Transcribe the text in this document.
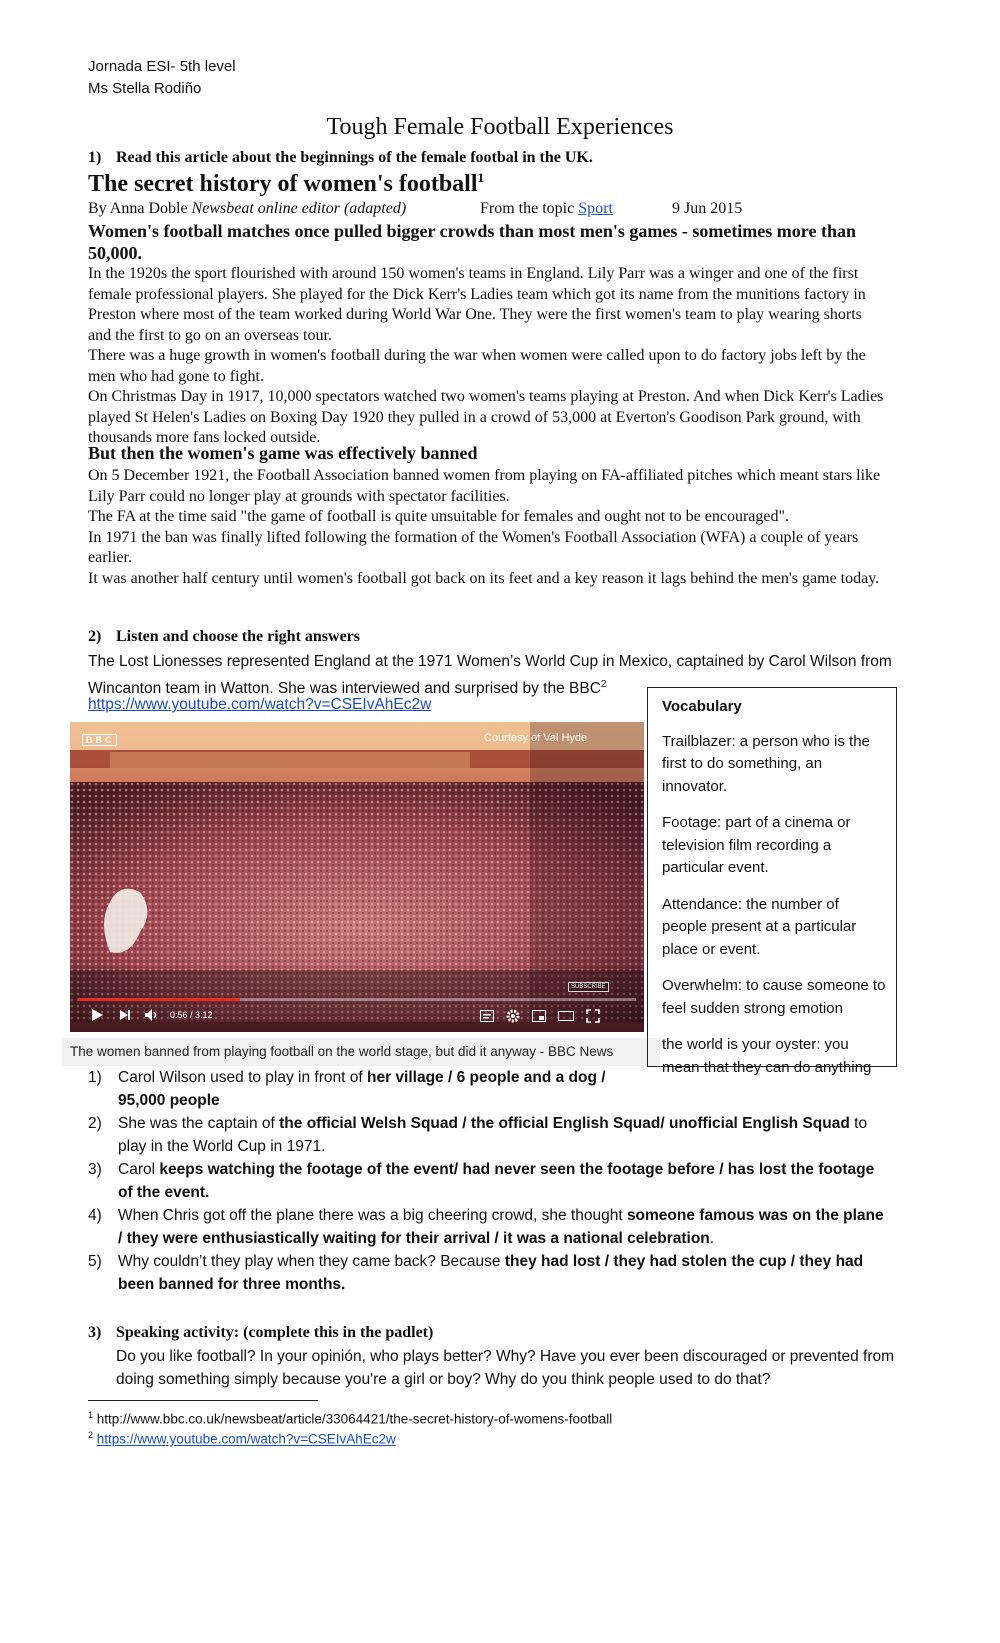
Jornada ESI- 5th level
Ms Stella Rodiño
Tough Female Football Experiences
1) Read this article about the beginnings of the female footbal in the UK.
The secret history of women's football$^1$
By Anna Doble Newsbeat online editor (adapted)	From the topic Sport	9 Jun 2015
Women's football matches once pulled bigger crowds than most men's games - sometimes more than 50,000.

In the 1920s the sport flourished with around 150 women's teams in England. Lily Parr was a winger and one of the first female professional players. She played for the Dick Kerr's Ladies team which got its name from the munitions factory in Preston where most of the team worked during World War One. They were the first women's team to play wearing shorts and the first to go on an overseas tour.

There was a huge growth in women's football during the war when women were called upon to do factory jobs left by the men who had gone to fight.

On Christmas Day in 1917, 10,000 spectators watched two women's teams playing at Preston. And when Dick Kerr's Ladies played St Helen's Ladies on Boxing Day 1920 they pulled in a crowd of 53,000 at Everton's Goodison Park ground, with thousands more fans locked outside.

But then the women's game was effectively banned

On 5 December 1921, the Football Association banned women from playing on FA-affiliated pitches which meant stars like Lily Parr could no longer play at grounds with spectator facilities.

The FA at the time said "the game of football is quite unsuitable for females and ought not to be encouraged".

In 1971 the ban was finally lifted following the formation of the Women's Football Association (WFA) a couple of years earlier.

It was another half century until women's football got back on its feet and a key reason it lags behind the men's game today.

2) Listen and choose the right answers
The Lost Lionesses represented England at the 1971 Women’s World Cup in Mexico, captained by Carol Wilson from Wincanton team in Watton. She was interviewed and surprised by the BBC$^2$
https://www.youtube.com/watch?v=CSEIvAhEc2w
BBC	Courtesy of Val Hyde
SUBSCRIBE
0:56 / 3:12
The women banned from playing football on the world stage, but did it anyway - BBC News

Vocabulary

Trailblazer: a person who is the first to do something, an innovator.

Footage: part of a cinema or television film recording a particular event.

Attendance: the number of people present at a particular place or event.

Overwhelm: to cause someone to feel sudden strong emotion

the world is your oyster: you mean that they can do anything

1) Carol Wilson used to play in front of her village / 6 people and a dog / 95,000 people
2) She was the captain of the official Welsh Squad / the official English Squad/ unofficial English Squad to play in the World Cup in 1971.
3) Carol keeps watching the footage of the event/ had never seen the footage before / has lost the footage of the event.
4) When Chris got off the plane there was a big cheering crowd, she thought someone famous was on the plane / they were enthusiastically waiting for their arrival / it was a national celebration.
5) Why couldn’t they play when they came back? Because they had lost / they had stolen the cup / they had been banned for three months.
3) Speaking activity: (complete this in the padlet)
Do you like football? In your opinión, who plays better? Why? Have you ever been discouraged or prevented from doing something simply because you're a girl or boy? Why do you think people used to do that?
$^1$ http://www.bbc.co.uk/newsbeat/article/33064421/the-secret-history-of-womens-football
$^2$ https://www.youtube.com/watch?v=CSEIvAhEc2w
